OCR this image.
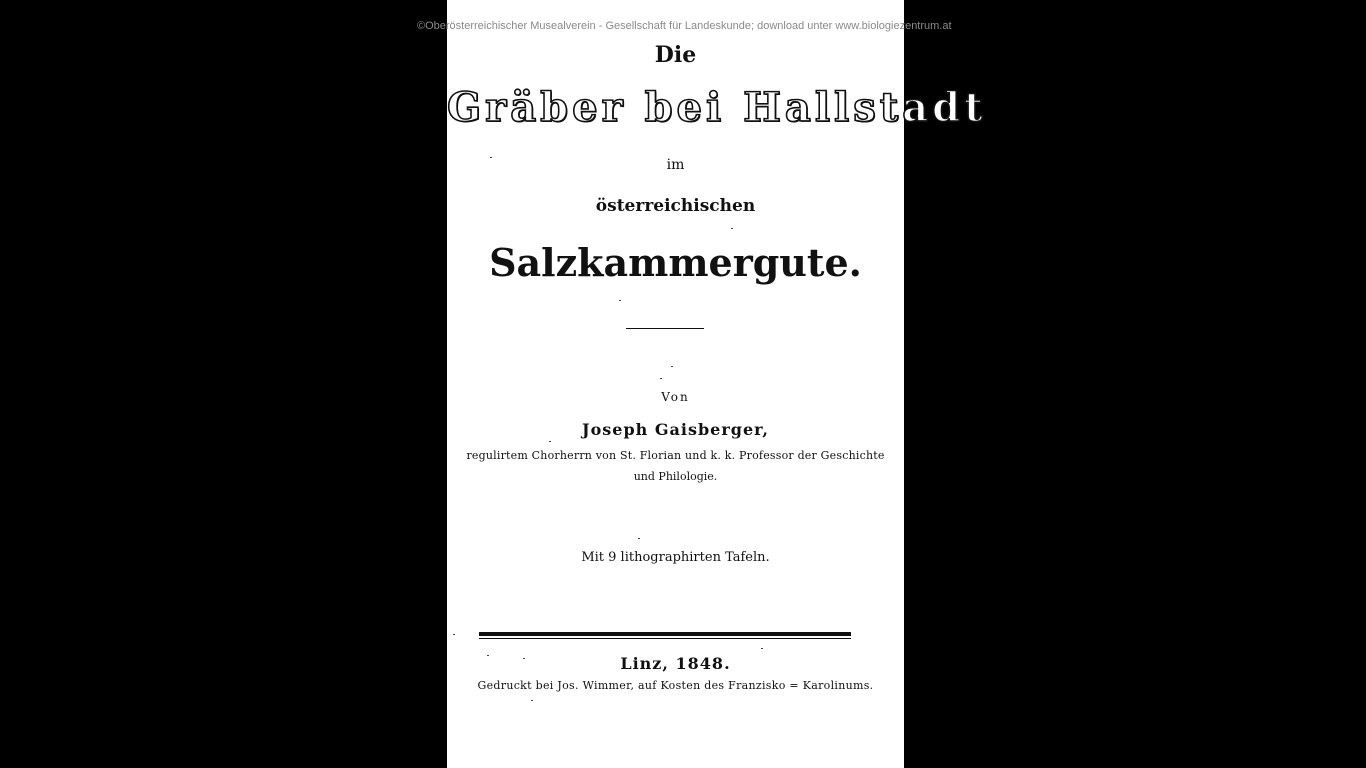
©Oberösterreichischer Musealverein - Gesellschaft für Landeskunde; download unter www.biologiezentrum.at
Die
Gräber bei Hallstadt
im
österreichischen
Salzkammergute.
Von
Joseph Gaisberger,
regulirtem Chorherrn von St. Florian und k. k. Professor der Geschichte
und Philologie.
Mit 9 lithographirten Tafeln.
Linz, 1848.
Gedruckt bei Jos. Wimmer, auf Kosten des Franzisko = Karolinums.
